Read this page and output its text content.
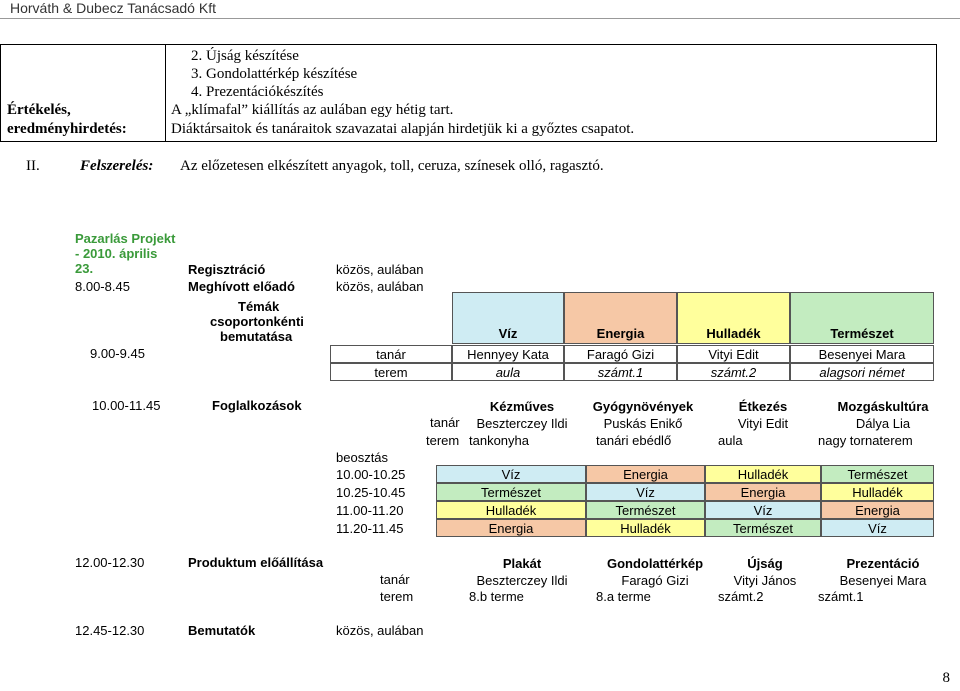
Horváth & Dubecz Tanácsadó Kft
Értékelés,
eredményhirdetés:
2. Újság készítése
3. Gondolattérkép készítése
4. Prezentációkészítés
A „klímafal” kiállítás az aulában egy hétig tart.
Diáktársaitok és tanáraitok szavazatai alapján hirdetjük ki a győztes csapatot.
II.	Felszerelés: Az előzetesen elkészített anyagok, toll, ceruza, színesek olló, ragasztó.
Pazarlás Projekt
- 2010. április
23.	Regisztráció	közös, aulában
8.00-8.45	Meghívott előadó	közös, aulában
Témák
csoportonkénti
bemutatása	Víz	Energia	Hulladék	Természet
9.00-9.45	tanár	Hennyey Kata	Faragó Gizi	Vityi Edit	Besenyei Mara
terem	aula	számt.1	számt.2	alagsori német
10.00-11.45	Foglalkozások	Kézműves	Gyógynövények	Étkezés	Mozgáskultúra
tanár	Beszterczey Ildi	Puskás Enikő	Vityi Edit	Dálya Lia
terem tankonyha	tanári ebédlő	aula	nagy tornaterem
beosztás
10.00-10.25	Víz	Energia	Hulladék	Természet
10.25-10.45	Természet	Víz	Energia	Hulladék
11.00-11.20	Hulladék	Természet	Víz	Energia
11.20-11.45	Energia	Hulladék	Természet	Víz
12.00-12.30	Produktum előállítása	Plakát	Gondolattérkép	Újság	Prezentáció
tanár	Beszterczey Ildi	Faragó Gizi	Vityi János	Besenyei Mara
terem	8.b terme	8.a terme	számt.2	számt.1
12.45-12.30	Bemutatók	közös, aulában
8
